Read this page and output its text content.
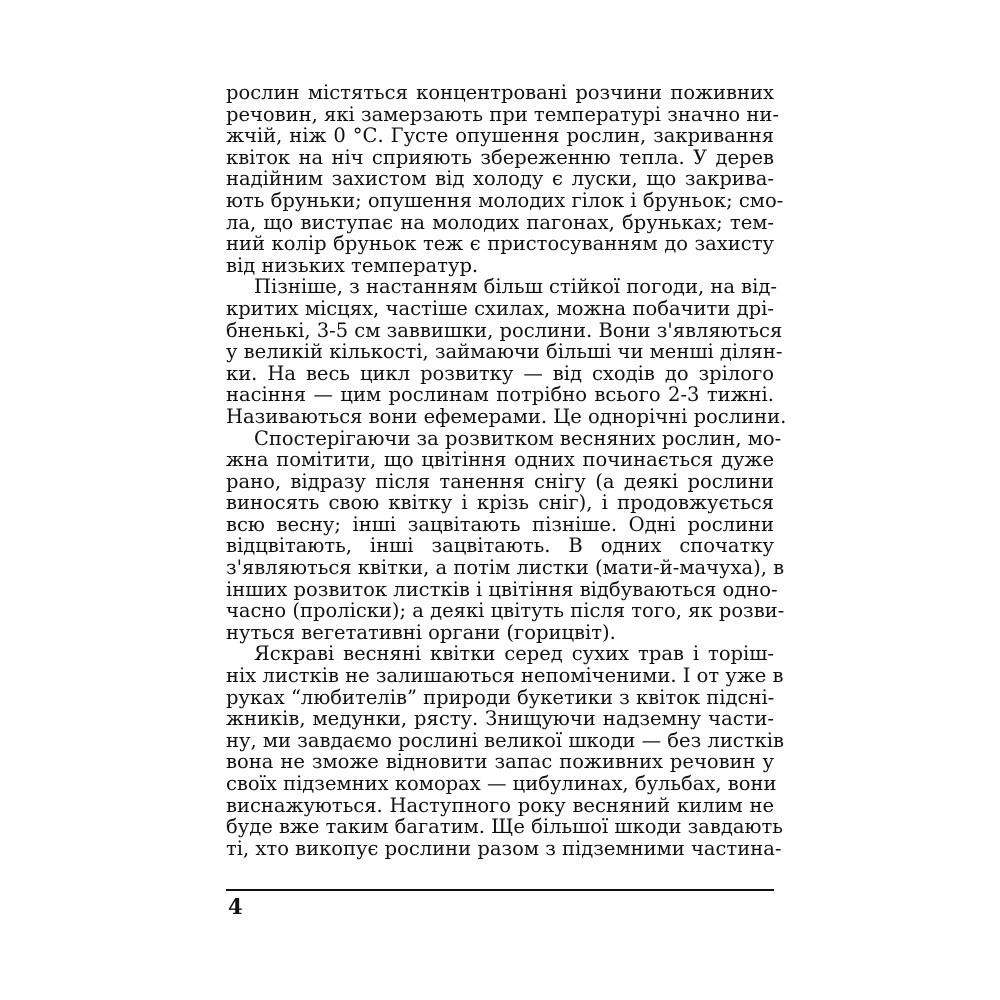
рослин містяться концентровані розчини поживних
речовин, які замерзають при температурі значно ни-
жчій, ніж 0 °С. Густе опушення рослин, закривання
квіток на ніч сприяють збереженню тепла. У дерев
надійним захистом від холоду є луски, що закрива-
ють бруньки; опушення молодих гілок і бруньок; смо-
ла, що виступає на молодих пагонах, бруньках; тем-
ний колір бруньок теж є пристосуванням до захисту
від низьких температур.
Пізніше, з настанням більш стійкої погоди, на від-
критих місцях, частіше схилах, можна побачити дрі-
бненькі, 3-5 см заввишки, рослини. Вони з'являються
у великій кількості, займаючи більші чи менші ділян-
ки. На весь цикл розвитку — від сходів до зрілого
насіння — цим рослинам потрібно всього 2-3 тижні.
Називаються вони ефемерами. Це однорічні рослини.
Спостерігаючи за розвитком весняних рослин, мо-
жна помітити, що цвітіння одних починається дуже
рано, відразу після танення снігу (а деякі рослини
виносять свою квітку і крізь сніг), і продовжується
всю весну; інші зацвітають пізніше. Одні рослини
відцвітають, інші зацвітають. В одних спочатку
з'являються квітки, а потім листки (мати-й-мачуха), в
інших розвиток листків і цвітіння відбуваються одно-
часно (проліски); а деякі цвітуть після того, як розви-
нуться вегетативні органи (горицвіт).
Яскраві весняні квітки серед сухих трав і торіш-
ніх листків не залишаються непоміченими. І от уже в
руках “любителів” природи букетики з квіток підсні-
жників, медунки, рясту. Знищуючи надземну части-
ну, ми завдаємо рослині великої шкоди — без листків
вона не зможе відновити запас поживних речовин у
своїх підземних коморах — цибулинах, бульбах, вони
виснажуються. Наступного року весняний килим не
буде вже таким багатим. Ще більшої шкоди завдають
ті, хто викопує рослини разом з підземними частина-
4
